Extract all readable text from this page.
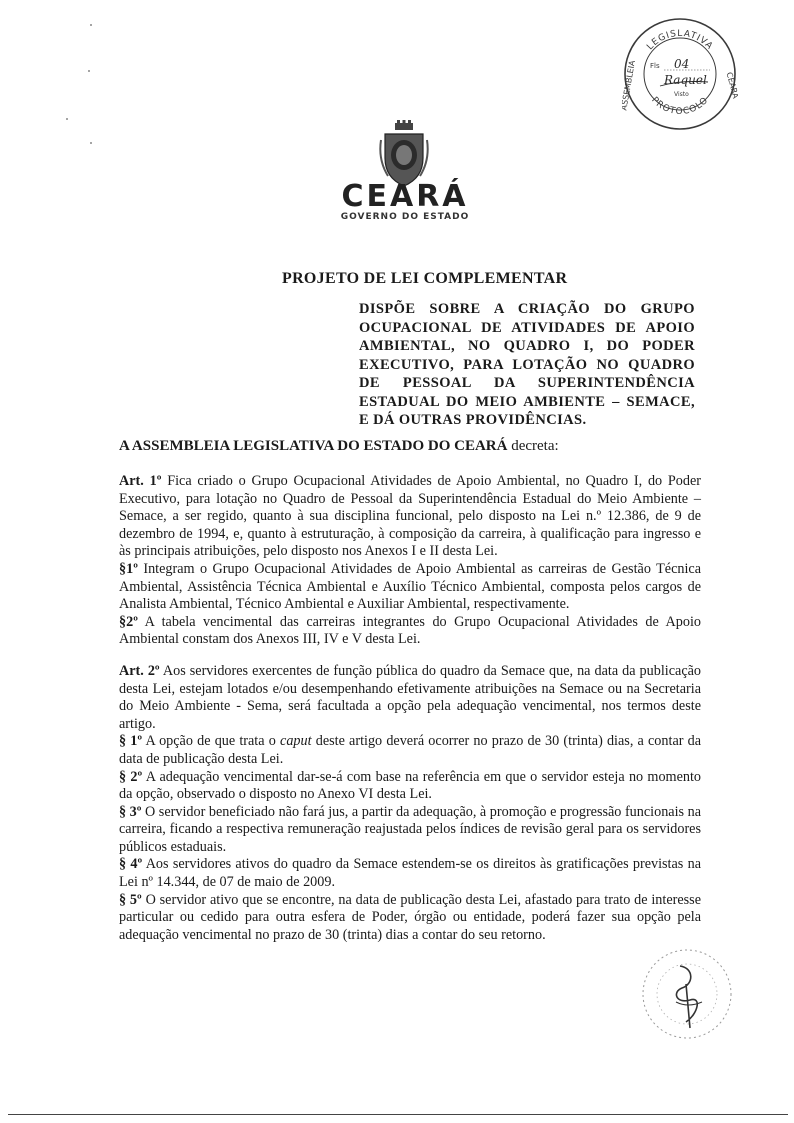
LEGISLATIVA
PROTOCOLO
ASSEMBLEIA	CEARÁ
Fls 04
Raquel
Visto
CEARÁ
GOVERNO DO ESTADO
PROJETO DE LEI COMPLEMENTAR
DISPÕE SOBRE A CRIAÇÃO DO GRUPO OCUPACIONAL DE ATIVIDADES DE APOIO AMBIENTAL, NO QUADRO I, DO PODER EXECUTIVO, PARA LOTAÇÃO NO QUADRO DE PESSOAL DA SUPERINTENDÊNCIA ESTADUAL DO MEIO AMBIENTE – SEMACE, E DÁ OUTRAS PROVIDÊNCIAS.
A ASSEMBLEIA LEGISLATIVA DO ESTADO DO CEARÁ decreta:

Art. 1º Fica criado o Grupo Ocupacional Atividades de Apoio Ambiental, no Quadro I, do Poder Executivo, para lotação no Quadro de Pessoal da Superintendência Estadual do Meio Ambiente – Semace, a ser regido, quanto à sua disciplina funcional, pelo disposto na Lei n.º 12.386, de 9 de dezembro de 1994, e, quanto à estruturação, à composição da carreira, à qualificação para ingresso e às principais atribuições, pelo disposto nos Anexos I e II desta Lei.

§1º Integram o Grupo Ocupacional Atividades de Apoio Ambiental as carreiras de Gestão Técnica Ambiental, Assistência Técnica Ambiental e Auxílio Técnico Ambiental, composta pelos cargos de Analista Ambiental, Técnico Ambiental e Auxiliar Ambiental, respectivamente.

§2º A tabela vencimental das carreiras integrantes do Grupo Ocupacional Atividades de Apoio Ambiental constam dos Anexos III, IV e V desta Lei.

Art. 2º Aos servidores exercentes de função pública do quadro da Semace que, na data da publicação desta Lei, estejam lotados e/ou desempenhando efetivamente atribuições na Semace ou na Secretaria do Meio Ambiente - Sema, será facultada a opção pela adequação vencimental, nos termos deste artigo.

§ 1º A opção de que trata o caput deste artigo deverá ocorrer no prazo de 30 (trinta) dias, a contar da data de publicação desta Lei.

§ 2º A adequação vencimental dar-se-á com base na referência em que o servidor esteja no momento da opção, observado o disposto no Anexo VI desta Lei.

§ 3º O servidor beneficiado não fará jus, a partir da adequação, à promoção e progressão funcionais na carreira, ficando a respectiva remuneração reajustada pelos índices de revisão geral para os servidores públicos estaduais.

§ 4º Aos servidores ativos do quadro da Semace estendem-se os direitos às gratificações previstas na Lei nº 14.344, de 07 de maio de 2009.

§ 5º O servidor ativo que se encontre, na data de publicação desta Lei, afastado para trato de interesse particular ou cedido para outra esfera de Poder, órgão ou entidade, poderá fazer sua opção pela adequação vencimental no prazo de 30 (trinta) dias a contar do seu retorno.
